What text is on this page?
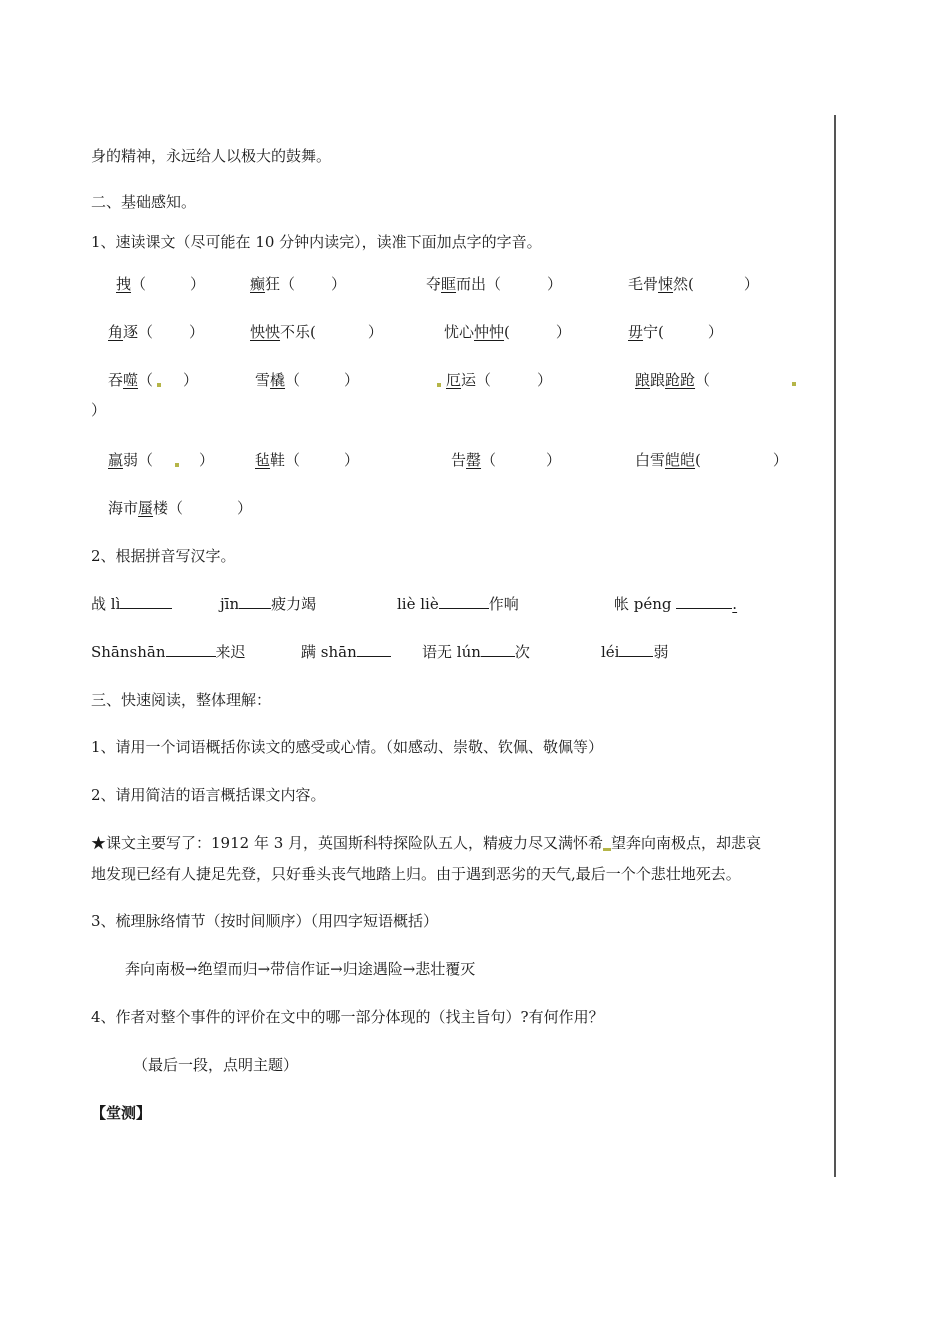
身的精神，永远给人以极大的鼓舞。
二、基础感知。
1、速读课文（尽可能在 10 分钟内读完），读准下面加点字的字音。
拽（	）	癫狂（ ）	夺眶而出（	）	毛骨悚然(	）
角逐（ ）	怏怏不乐(	）	忧心忡忡(	）	毋宁(	）
吞噬（ ）	雪橇（	）	厄运（	）	踉踉跄跄（
）
羸弱（	）	毡鞋（	）	告罄（	）	白雪皑皑(	）
海市蜃楼（	）
2、根据拼音写汉字。
战 lì	jīn 疲力竭	liè liè	作响	帐 péng	.
Shānshān	来迟	蹒 shān	语无 lún 次	léi 弱
三、快速阅读，整体理解：
1、请用一个词语概括你读文的感受或心情。（如感动、崇敬、钦佩、敬佩等）
2、请用简洁的语言概括课文内容。
★课文主要写了：1912 年 3 月，英国斯科特探险队五人，精疲力尽又满怀希 望奔向南极点，却悲哀
地发现已经有人捷足先登，只好垂头丧气地踏上归。由于遇到恶劣的天气,最后一个个悲壮地死去。
3、梳理脉络情节（按时间顺序）（用四字短语概括）
奔向南极→绝望而归→带信作证→归途遇险→悲壮覆灭
4、作者对整个事件的评价在文中的哪一部分体现的（找主旨句）?有何作用？
（最后一段，点明主题）
【堂测】
